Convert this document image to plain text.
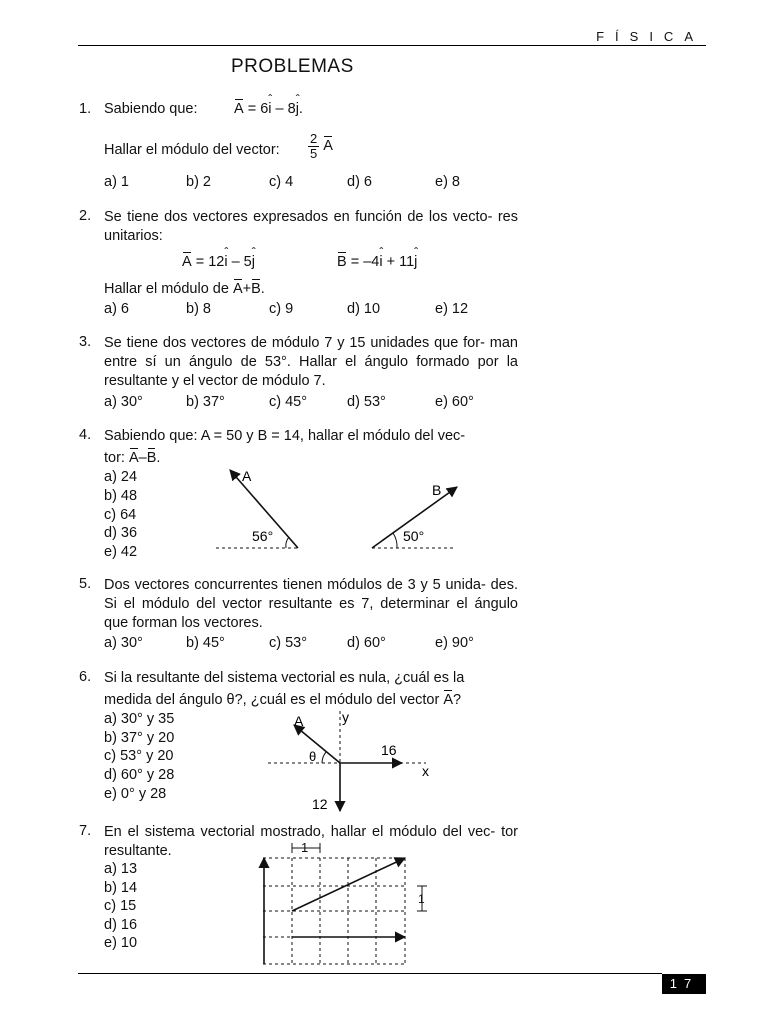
FÍSICA
PROBLEMAS
1. Sabiendo que:	A = 6ˆ i – 8ˆ j.
Hallar el módulo del vector: $\frac{2}{5}$ A
a) 1	b) 2	c) 4	d) 6	e) 8
2. Se tiene dos vectores expresados en función de los vecto- res unitarios:
A = 12ˆ i – 5ˆ j	B = –4ˆ i + 11ˆ j
Hallar el módulo de A+B.
a) 6	b) 8	c) 9	d) 10	e) 12
3. Se tiene dos vectores de módulo 7 y 15 unidades que for- man entre sí un ángulo de 53°. Hallar el ángulo formado por la resultante y el vector de módulo 7.
a) 30°	b) 37°	c) 45°	d) 53°	e) 60°
4. Sabiendo que: A = 50 y B = 14, hallar el módulo del vec-
tor: A–B.
a) 24
b) 48
c) 64
d) 36
e) 42
A
56°
B
50°
5. Dos vectores concurrentes tienen módulos de 3 y 5 unida- des. Si el módulo del vector resultante es 7, determinar el ángulo que forman los vectores.
a) 30°	b) 45°	c) 53°	d) 60°	e) 90°
6. Si la resultante del sistema vectorial es nula, ¿cuál es la
medida del ángulo θ?, ¿cuál es el módulo del vector A?
a) 30° y 35
b) 37° y 20
c) 53° y 20
d) 60° y 28
e) 0° y 28
A
θ
y
x
16
12
7. En el sistema vectorial mostrado, hallar el módulo del vec- tor resultante.
a) 13
b) 14
c) 15
d) 16
e) 10
1
1
17
